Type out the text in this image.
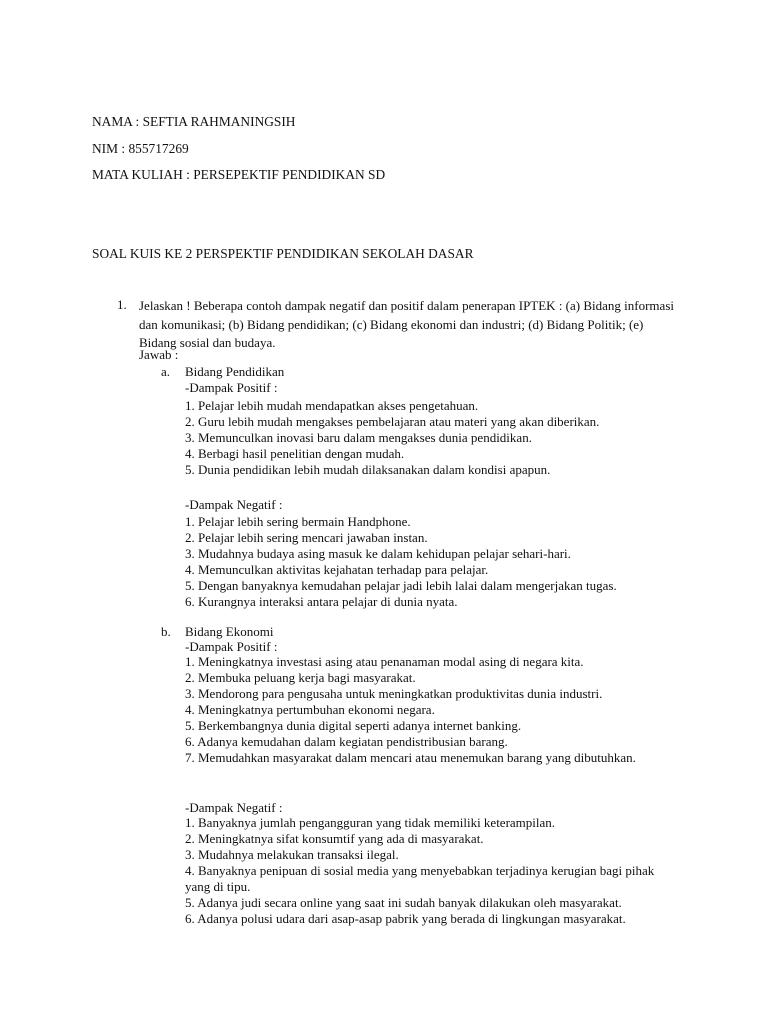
NAMA : SEFTIA RAHMANINGSIH
NIM : 855717269
MATA KULIAH : PERSEPEKTIF PENDIDIKAN SD
SOAL KUIS KE 2 PERSPEKTIF PENDIDIKAN SEKOLAH DASAR
1. Jelaskan ! Beberapa contoh dampak negatif dan positif dalam penerapan IPTEK : (a) Bidang informasi dan komunikasi; (b) Bidang pendidikan; (c) Bidang ekonomi dan industri; (d) Bidang Politik; (e) Bidang sosial dan budaya.
Jawab :
a. Bidang Pendidikan
-Dampak Positif :
1. Pelajar lebih mudah mendapatkan akses pengetahuan.
2. Guru lebih mudah mengakses pembelajaran atau materi yang akan diberikan.
3. Memunculkan inovasi baru dalam mengakses dunia pendidikan.
4. Berbagi hasil penelitian dengan mudah.
5. Dunia pendidikan lebih mudah dilaksanakan dalam kondisi apapun.
-Dampak Negatif :
1. Pelajar lebih sering bermain Handphone.
2. Pelajar lebih sering mencari jawaban instan.
3. Mudahnya budaya asing masuk ke dalam kehidupan pelajar sehari-hari.
4. Memunculkan aktivitas kejahatan terhadap para pelajar.
5. Dengan banyaknya kemudahan pelajar jadi lebih lalai dalam mengerjakan tugas.
6. Kurangnya interaksi antara pelajar di dunia nyata.
b. Bidang Ekonomi
-Dampak Positif :
1. Meningkatnya investasi asing atau penanaman modal asing di negara kita.
2. Membuka peluang kerja bagi masyarakat.
3. Mendorong para pengusaha untuk meningkatkan produktivitas dunia industri.
4. Meningkatnya pertumbuhan ekonomi negara.
5. Berkembangnya dunia digital seperti adanya internet banking.
6. Adanya kemudahan dalam kegiatan pendistribusian barang.
7. Memudahkan masyarakat dalam mencari atau menemukan barang yang dibutuhkan.
-Dampak Negatif :
1. Banyaknya jumlah pengangguran yang tidak memiliki keterampilan.
2. Meningkatnya sifat konsumtif yang ada di masyarakat.
3. Mudahnya melakukan transaksi ilegal.
4. Banyaknya penipuan di sosial media yang menyebabkan terjadinya kerugian bagi pihak yang di tipu.
5. Adanya judi secara online yang saat ini sudah banyak dilakukan oleh masyarakat.
6. Adanya polusi udara dari asap-asap pabrik yang berada di lingkungan masyarakat.
